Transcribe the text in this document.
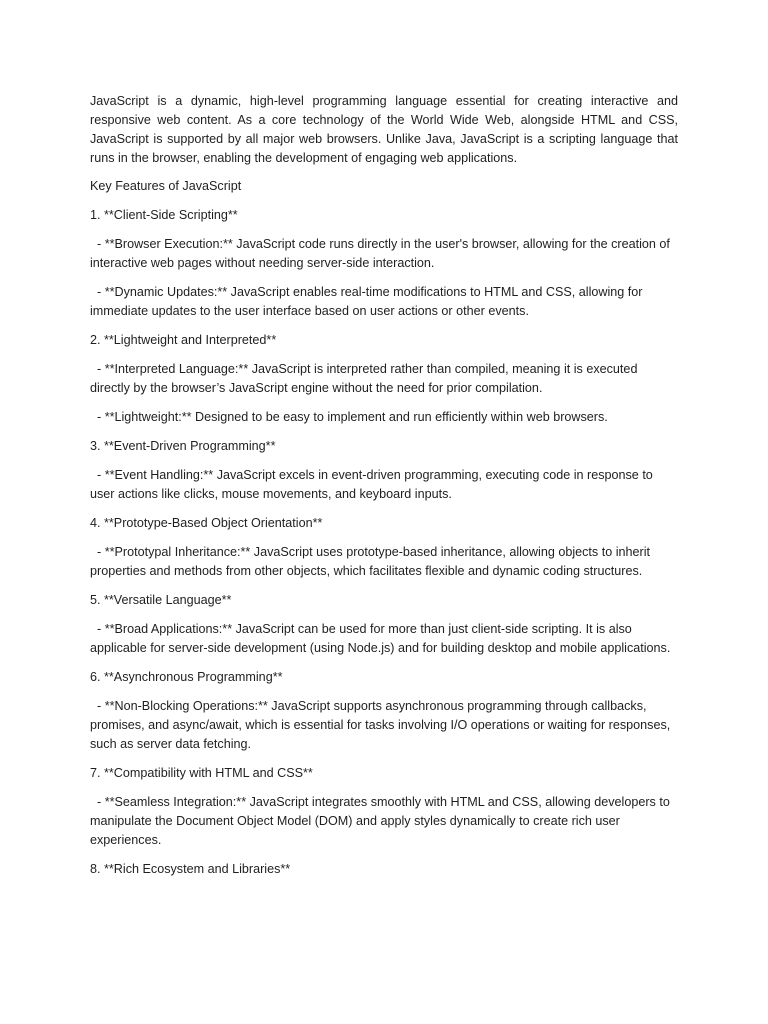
JavaScript is a dynamic, high-level programming language essential for creating interactive and responsive web content. As a core technology of the World Wide Web, alongside HTML and CSS, JavaScript is supported by all major web browsers. Unlike Java, JavaScript is a scripting language that runs in the browser, enabling the development of engaging web applications.

Key Features of JavaScript

1. **Client-Side Scripting**

- **Browser Execution:** JavaScript code runs directly in the user's browser, allowing for the creation of interactive web pages without needing server-side interaction.

- **Dynamic Updates:** JavaScript enables real-time modifications to HTML and CSS, allowing for immediate updates to the user interface based on user actions or other events.

2. **Lightweight and Interpreted**

- **Interpreted Language:** JavaScript is interpreted rather than compiled, meaning it is executed directly by the browser’s JavaScript engine without the need for prior compilation.

- **Lightweight:** Designed to be easy to implement and run efficiently within web browsers.

3. **Event-Driven Programming**

- **Event Handling:** JavaScript excels in event-driven programming, executing code in response to user actions like clicks, mouse movements, and keyboard inputs.

4. **Prototype-Based Object Orientation**

- **Prototypal Inheritance:** JavaScript uses prototype-based inheritance, allowing objects to inherit properties and methods from other objects, which facilitates flexible and dynamic coding structures.

5. **Versatile Language**

- **Broad Applications:** JavaScript can be used for more than just client-side scripting. It is also applicable for server-side development (using Node.js) and for building desktop and mobile applications.

6. **Asynchronous Programming**

- **Non-Blocking Operations:** JavaScript supports asynchronous programming through callbacks, promises, and async/await, which is essential for tasks involving I/O operations or waiting for responses, such as server data fetching.

7. **Compatibility with HTML and CSS**

- **Seamless Integration:** JavaScript integrates smoothly with HTML and CSS, allowing developers to manipulate the Document Object Model (DOM) and apply styles dynamically to create rich user experiences.

8. **Rich Ecosystem and Libraries**
